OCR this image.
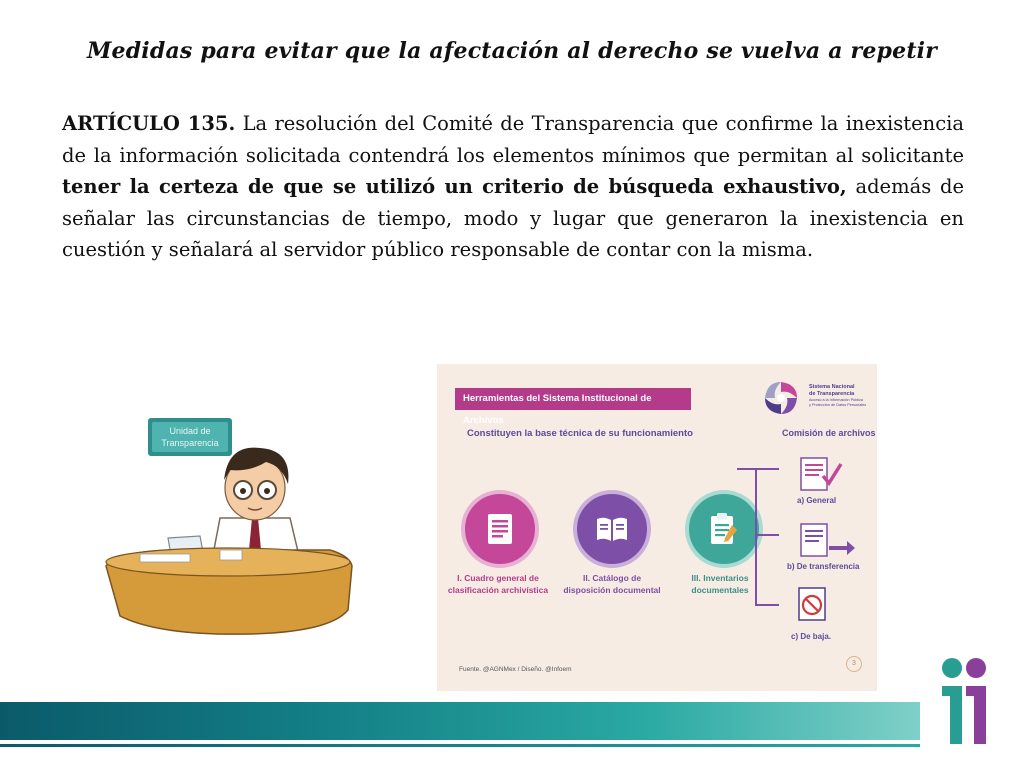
Medidas para evitar que la afectación al derecho se vuelva a repetir
ARTÍCULO 135. La resolución del Comité de Transparencia que confirme la inexistencia de la información solicitada contendrá los elementos mínimos que permitan al solicitante tener la certeza de que se utilizó un criterio de búsqueda exhaustivo, además de señalar las circunstancias de tiempo, modo y lugar que generaron la inexistencia en cuestión y señalará al servidor público responsable de contar con la misma.
Unidad de
Transparencia
Herramientas del Sistema Institucional de Archivos
Constituyen la base técnica de su funcionamiento
Sistema Nacional
de Transparencia
Acceso a la Información Pública
y Protección de Datos Personales
Comisión de archivos
I. Cuadro general de clasificación archivística
II. Catálogo de disposición documental
III. Inventarios documentales
a) General
b) De transferencia
c) De baja.
Fuente. @AGNMex / Diseño. @Infoem
3
